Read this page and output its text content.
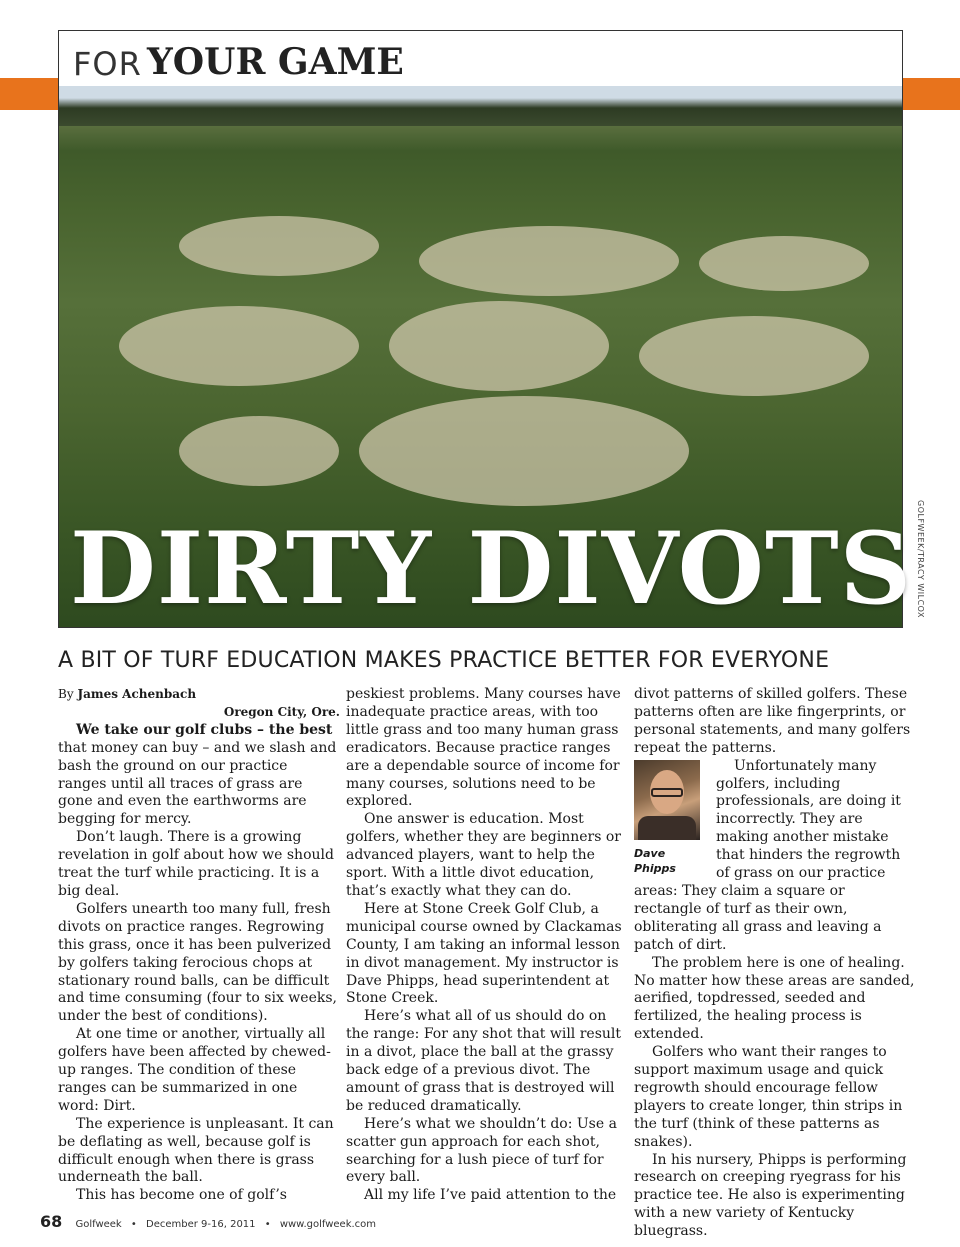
FOR YOUR GAME
DIRTY DIVOTS GOLFWEEK/TRACY WILCOX
A BIT OF TURF EDUCATION MAKES PRACTICE BETTER FOR EVERYONE

By James Achenbach

Oregon City, Ore.

We take our golf clubs – the best

that money can buy – and we slash and bash the ground on our practice ranges until all traces of grass are gone and even the earthworms are begging for mercy.

Don’t laugh. There is a growing revelation in golf about how we should treat the turf while practicing. It is a big deal.

Golfers unearth too many full, fresh divots on practice ranges. Regrowing this grass, once it has been pulverized by golfers taking ferocious chops at stationary round balls, can be difficult and time consuming (four to six weeks, under the best of conditions).

At one time or another, virtually all golfers have been affected by chewed-up ranges. The condition of these ranges can be summarized in one word: Dirt.

The experience is unpleasant. It can be deflating as well, because golf is difficult enough when there is grass underneath the ball.

This has become one of golf’s

peskiest problems. Many courses have inadequate practice areas, with too little grass and too many human grass eradicators. Because practice ranges are a dependable source of income for many courses, solutions need to be explored.

One answer is education. Most golfers, whether they are beginners or advanced players, want to help the sport. With a little divot education, that’s exactly what they can do.

Here at Stone Creek Golf Club, a municipal course owned by Clackamas County, I am taking an informal lesson in divot management. My instructor is Dave Phipps, head superintendent at Stone Creek.

Here’s what all of us should do on the range: For any shot that will result in a divot, place the ball at the grassy back edge of a previous divot. The amount of grass that is destroyed will be reduced dramatically.

Here’s what we shouldn’t do: Use a scatter gun approach for each shot, searching for a lush piece of turf for every ball.

All my life I’ve paid attention to the

divot patterns of skilled golfers. These patterns often are like fingerprints, or personal statements, and many golfers repeat the patterns.

Dave Phipps

Unfortunately many golfers, including professionals, are doing it incorrectly. They are making another mistake that hinders the regrowth of grass on our practice areas: They claim a square or rectangle of turf as their own, obliterating all grass and leaving a patch of dirt.

The problem here is one of healing. No matter how these areas are sanded, aerified, topdressed, seeded and fertilized, the healing process is extended.

Golfers who want their ranges to support maximum usage and quick regrowth should encourage fellow players to create longer, thin strips in the turf (think of these patterns as snakes).

In his nursery, Phipps is performing research on creeping ryegrass for his practice tee. He also is experimenting with a new variety of Kentucky bluegrass.

68 Golfweek • December 9-16, 2011 • www.golfweek.com
